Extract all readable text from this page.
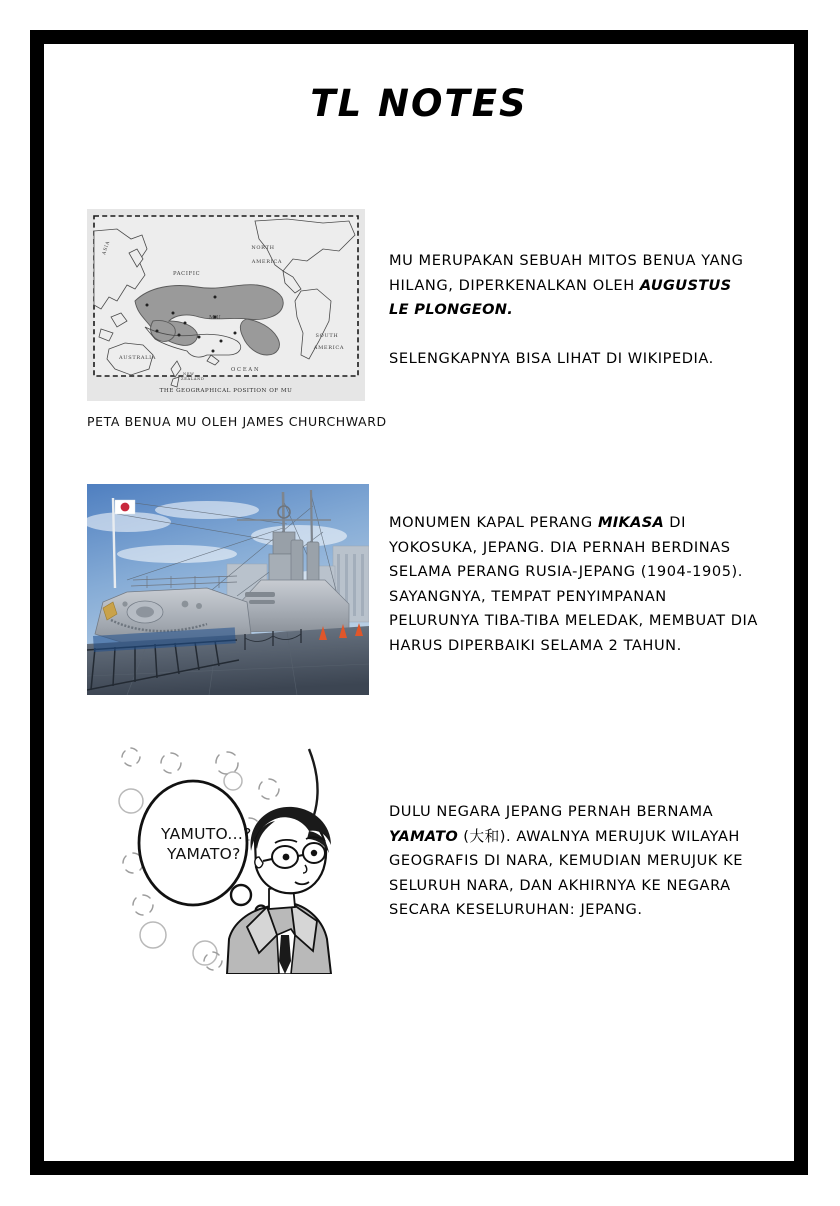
TL NOTES
ASIA
PACIFIC
NORTH
AMERICA
SOUTH
AMERICA
AUSTRALIA
NEW
ZEALAND
MU
OCEAN
THE GEOGRAPHICAL POSITION OF MU
PETA BENUA MU OLEH JAMES CHURCHWARD
MU MERUPAKAN SEBUAH MITOS BENUA YANG HILANG, DIPERKENALKAN OLEH AUGUSTUS LE PLONGEON.
SELENGKAPNYA BISA LIHAT DI WIKIPEDIA.
MONUMEN KAPAL PERANG MIKASA DI YOKOSUKA, JEPANG. DIA PERNAH BERDINAS SELAMA PERANG RUSIA-JEPANG (1904-1905). SAYANGNYA, TEMPAT PENYIMPANAN PELURUNYA TIBA-TIBA MELEDAK, MEMBUAT DIA HARUS DIPERBAIKI SELAMA 2 TAHUN.
YAMUTO...?
YAMATO?
DULU NEGARA JEPANG PERNAH BERNAMA YAMATO (大和). AWALNYA MERUJUK WILAYAH GEOGRAFIS DI NARA, KEMUDIAN MERUJUK KE SELURUH NARA, DAN AKHIRNYA KE NEGARA SECARA KESELURUHAN: JEPANG.
